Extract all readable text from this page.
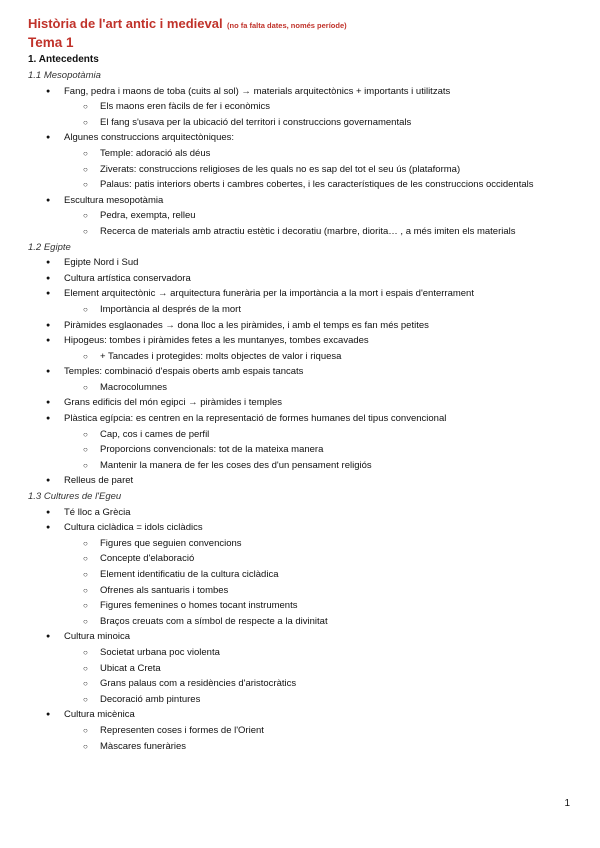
Història de l'art antic i medieval (no fa falta dates, només període)
Tema 1
1. Antecedents
1.1 Mesopotàmia
● Fang, pedra i maons de toba (cuits al sol) → materials arquitectònics + importants i utilitzats
○ Els maons eren fàcils de fer i econòmics
○ El fang s'usava per la ubicació del territori i construccions governamentals
● Algunes construccions arquitectòniques:
○ Temple: adoració als déus
○ Ziverats: construccions religioses de les quals no es sap del tot el seu ús (plataforma)
○ Palaus: patis interiors oberts i cambres cobertes, i les característiques de les construccions occidentals
● Escultura mesopotàmia
○ Pedra, exempta, relleu
○ Recerca de materials amb atractiu estètic i decoratiu (marbre, diorita… , a més imiten els materials
1.2 Egipte
● Egipte Nord i Sud
● Cultura artística conservadora
● Element arquitectònic → arquitectura funerària per la importància a la mort i espais d'enterrament
○ Importància al després de la mort
● Piràmides esglaonades → dona lloc a les piràmides, i amb el temps es fan més petites
● Hipogeus: tombes i piràmides fetes a les muntanyes, tombes excavades
○ + Tancades i protegides: molts objectes de valor i riquesa
● Temples: combinació d'espais oberts amb espais tancats
○ Macrocolumnes
● Grans edificis del món egipci → piràmides i temples
● Plàstica egípcia: es centren en la representació de formes humanes del tipus convencional
○ Cap, cos i cames de perfil
○ Proporcions convencionals: tot de la mateixa manera
○ Mantenir la manera de fer les coses des d'un pensament religiós
● Relleus de paret
1.3 Cultures de l'Egeu
● Té lloc a Grècia
● Cultura ciclàdica = idols ciclàdics
○ Figures que seguien convencions
○ Concepte d'elaboració
○ Element identificatiu de la cultura ciclàdica
○ Ofrenes als santuaris i tombes
○ Figures femenines o homes tocant instruments
○ Braços creuats com a símbol de respecte a la divinitat
● Cultura minoica
○ Societat urbana poc violenta
○ Ubicat a Creta
○ Grans palaus com a residències d'aristocràtics
○ Decoració amb pintures
● Cultura micènica
○ Representen coses i formes de l'Orient
○ Màscares funeràries
1
